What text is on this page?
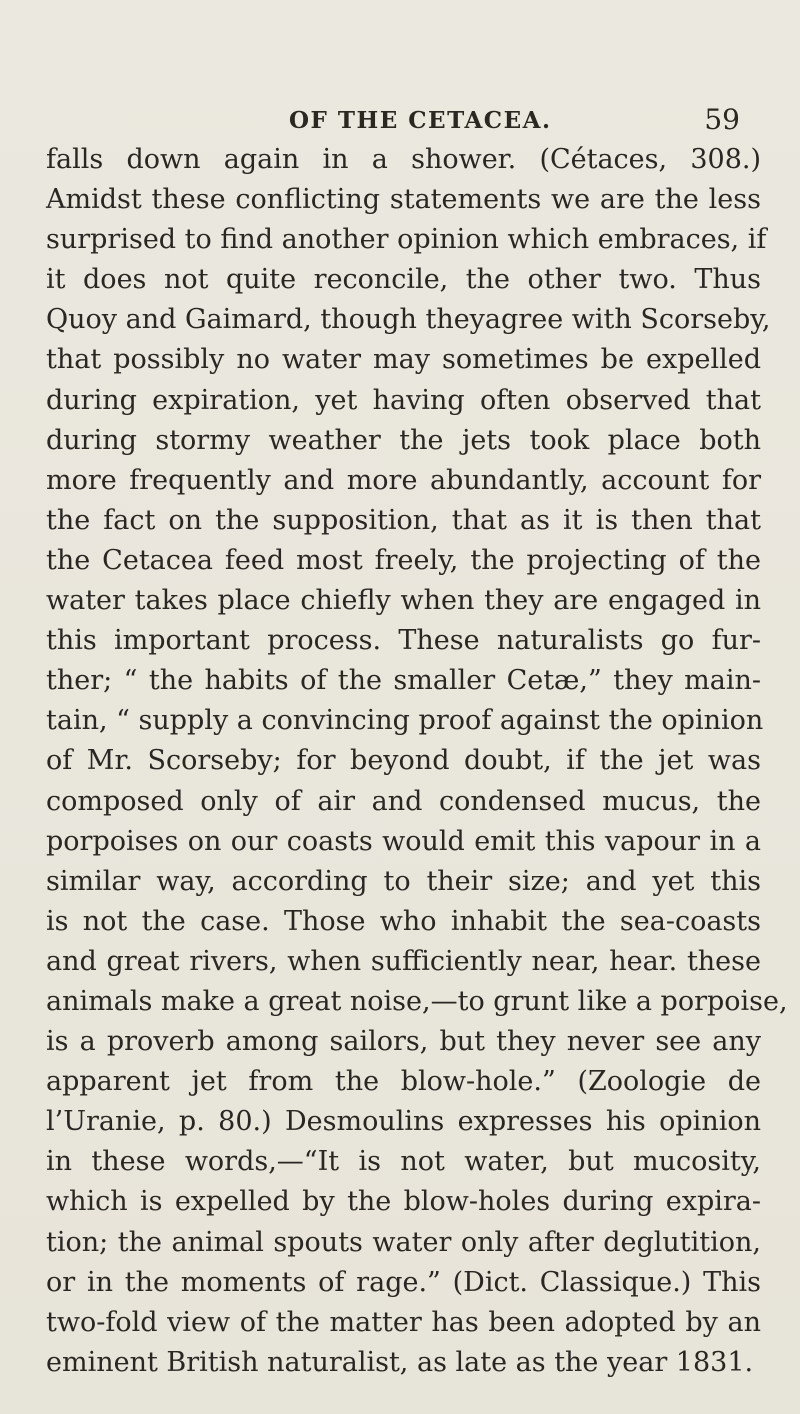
OF THE CETACEA.	59
falls down again in a shower. (Cétaces, 308.)
Amidst these conflicting statements we are the less
surprised to find another opinion which embraces, if
it does not quite reconcile, the other two. Thus
Quoy and Gaimard, though theyagree with Scorseby,
that possibly no water may sometimes be expelled
during expiration, yet having often observed that
during stormy weather the jets took place both
more frequently and more abundantly, account for
the fact on the supposition, that as it is then that
the Cetacea feed most freely, the projecting of the
water takes place chiefly when they are engaged in
this important process. These naturalists go fur-
ther; “ the habits of the smaller Cetæ,” they main-
tain, “ supply a convincing proof against the opinion
of Mr. Scorseby; for beyond doubt, if the jet was
composed only of air and condensed mucus, the
porpoises on our coasts would emit this vapour in a
similar way, according to their size; and yet this
is not the case. Those who inhabit the sea-coasts
and great rivers, when sufficiently near, hear. these
animals make a great noise,—to grunt like a porpoise,
is a proverb among sailors, but they never see any
apparent jet from the blow-hole.” (Zoologie de
l’Uranie, p. 80.) Desmoulins expresses his opinion
in these words,—“It is not water, but mucosity,
which is expelled by the blow-holes during expira-
tion; the animal spouts water only after deglutition,
or in the moments of rage.” (Dict. Classique.) This
two-fold view of the matter has been adopted by an
eminent British naturalist, as late as the year 1831.
